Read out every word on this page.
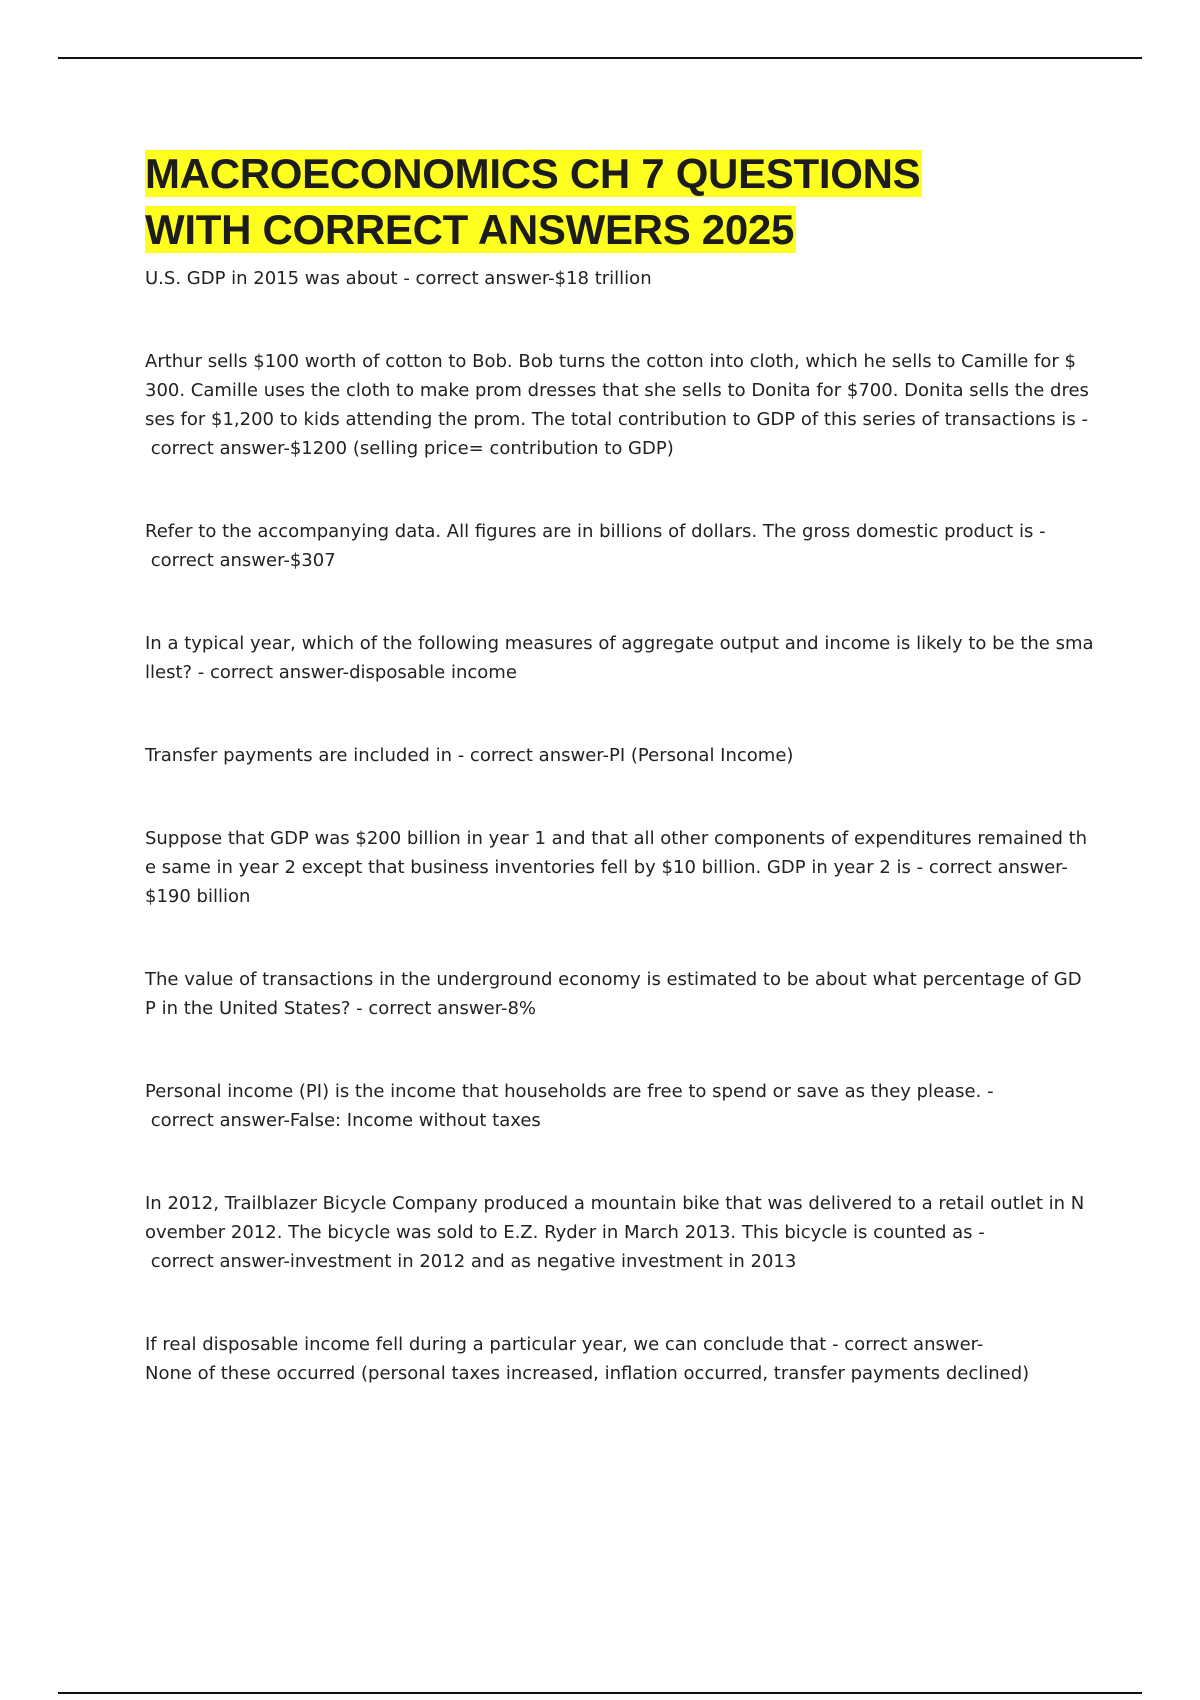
MACROECONOMICS CH 7 QUESTIONS
WITH CORRECT ANSWERS 2025

U.S. GDP in 2015 was about - correct answer-$18 trillion

Arthur sells $100 worth of cotton to Bob. Bob turns the cotton into cloth, which he sells to Camille for $
300. Camille uses the cloth to make prom dresses that she sells to Donita for $700. Donita sells the dres
ses for $1,200 to kids attending the prom. The total contribution to GDP of this series of transactions is -
correct answer-$1200 (selling price= contribution to GDP)

Refer to the accompanying data. All figures are in billions of dollars. The gross domestic product is -
correct answer-$307

In a typical year, which of the following measures of aggregate output and income is likely to be the sma
llest? - correct answer-disposable income

Transfer payments are included in - correct answer-PI (Personal Income)

Suppose that GDP was $200 billion in year 1 and that all other components of expenditures remained th
e same in year 2 except that business inventories fell by $10 billion. GDP in year 2 is - correct answer-
$190 billion

The value of transactions in the underground economy is estimated to be about what percentage of GD
P in the United States? - correct answer-8%

Personal income (PI) is the income that households are free to spend or save as they please. -
correct answer-False: Income without taxes

In 2012, Trailblazer Bicycle Company produced a mountain bike that was delivered to a retail outlet in N
ovember 2012. The bicycle was sold to E.Z. Ryder in March 2013. This bicycle is counted as -
correct answer-investment in 2012 and as negative investment in 2013

If real disposable income fell during a particular year, we can conclude that - correct answer-
None of these occurred (personal taxes increased, inflation occurred, transfer payments declined)
